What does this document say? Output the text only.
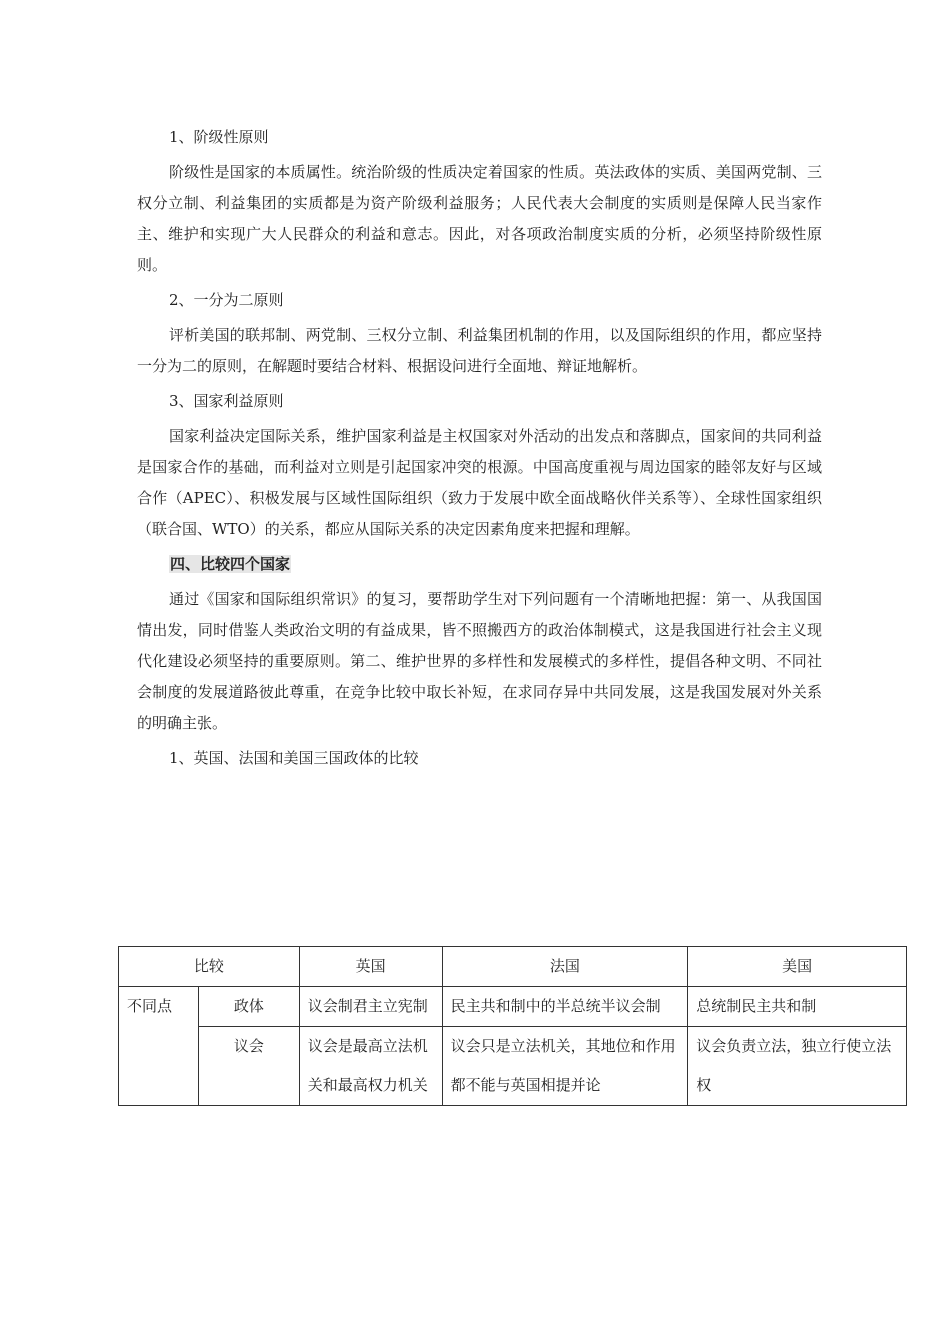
1、阶级性原则

阶级性是国家的本质属性。统治阶级的性质决定着国家的性质。英法政体的实质、美国两党制、三权分立制、利益集团的实质都是为资产阶级利益服务；人民代表大会制度的实质则是保障人民当家作主、维护和实现广大人民群众的利益和意志。因此，对各项政治制度实质的分析，必须坚持阶级性原则。

2、一分为二原则

评析美国的联邦制、两党制、三权分立制、利益集团机制的作用，以及国际组织的作用，都应坚持一分为二的原则，在解题时要结合材料、根据设问进行全面地、辩证地解析。

3、国家利益原则

国家利益决定国际关系，维护国家利益是主权国家对外活动的出发点和落脚点，国家间的共同利益是国家合作的基础，而利益对立则是引起国家冲突的根源。中国高度重视与周边国家的睦邻友好与区域合作（APEC）、积极发展与区域性国际组织（致力于发展中欧全面战略伙伴关系等）、全球性国家组织（联合国、WTO）的关系，都应从国际关系的决定因素角度来把握和理解。

四、比较四个国家

通过《国家和国际组织常识》的复习，要帮助学生对下列问题有一个清晰地把握：第一、从我国国情出发，同时借鉴人类政治文明的有益成果，皆不照搬西方的政治体制模式，这是我国进行社会主义现代化建设必须坚持的重要原则。第二、维护世界的多样性和发展模式的多样性，提倡各种文明、不同社会制度的发展道路彼此尊重，在竞争比较中取长补短，在求同存异中共同发展，这是我国发展对外关系的明确主张。

1、英国、法国和美国三国政体的比较

比较		英国	法国	美国
不同点	政体	议会制君主立宪制	民主共和制中的半总统半议会制	总统制民主共和制
	议会	议会是最高立法机关和最高权力机关	议会只是立法机关，其地位和作用都不能与英国相提并论	议会负责立法，独立行使立法权
